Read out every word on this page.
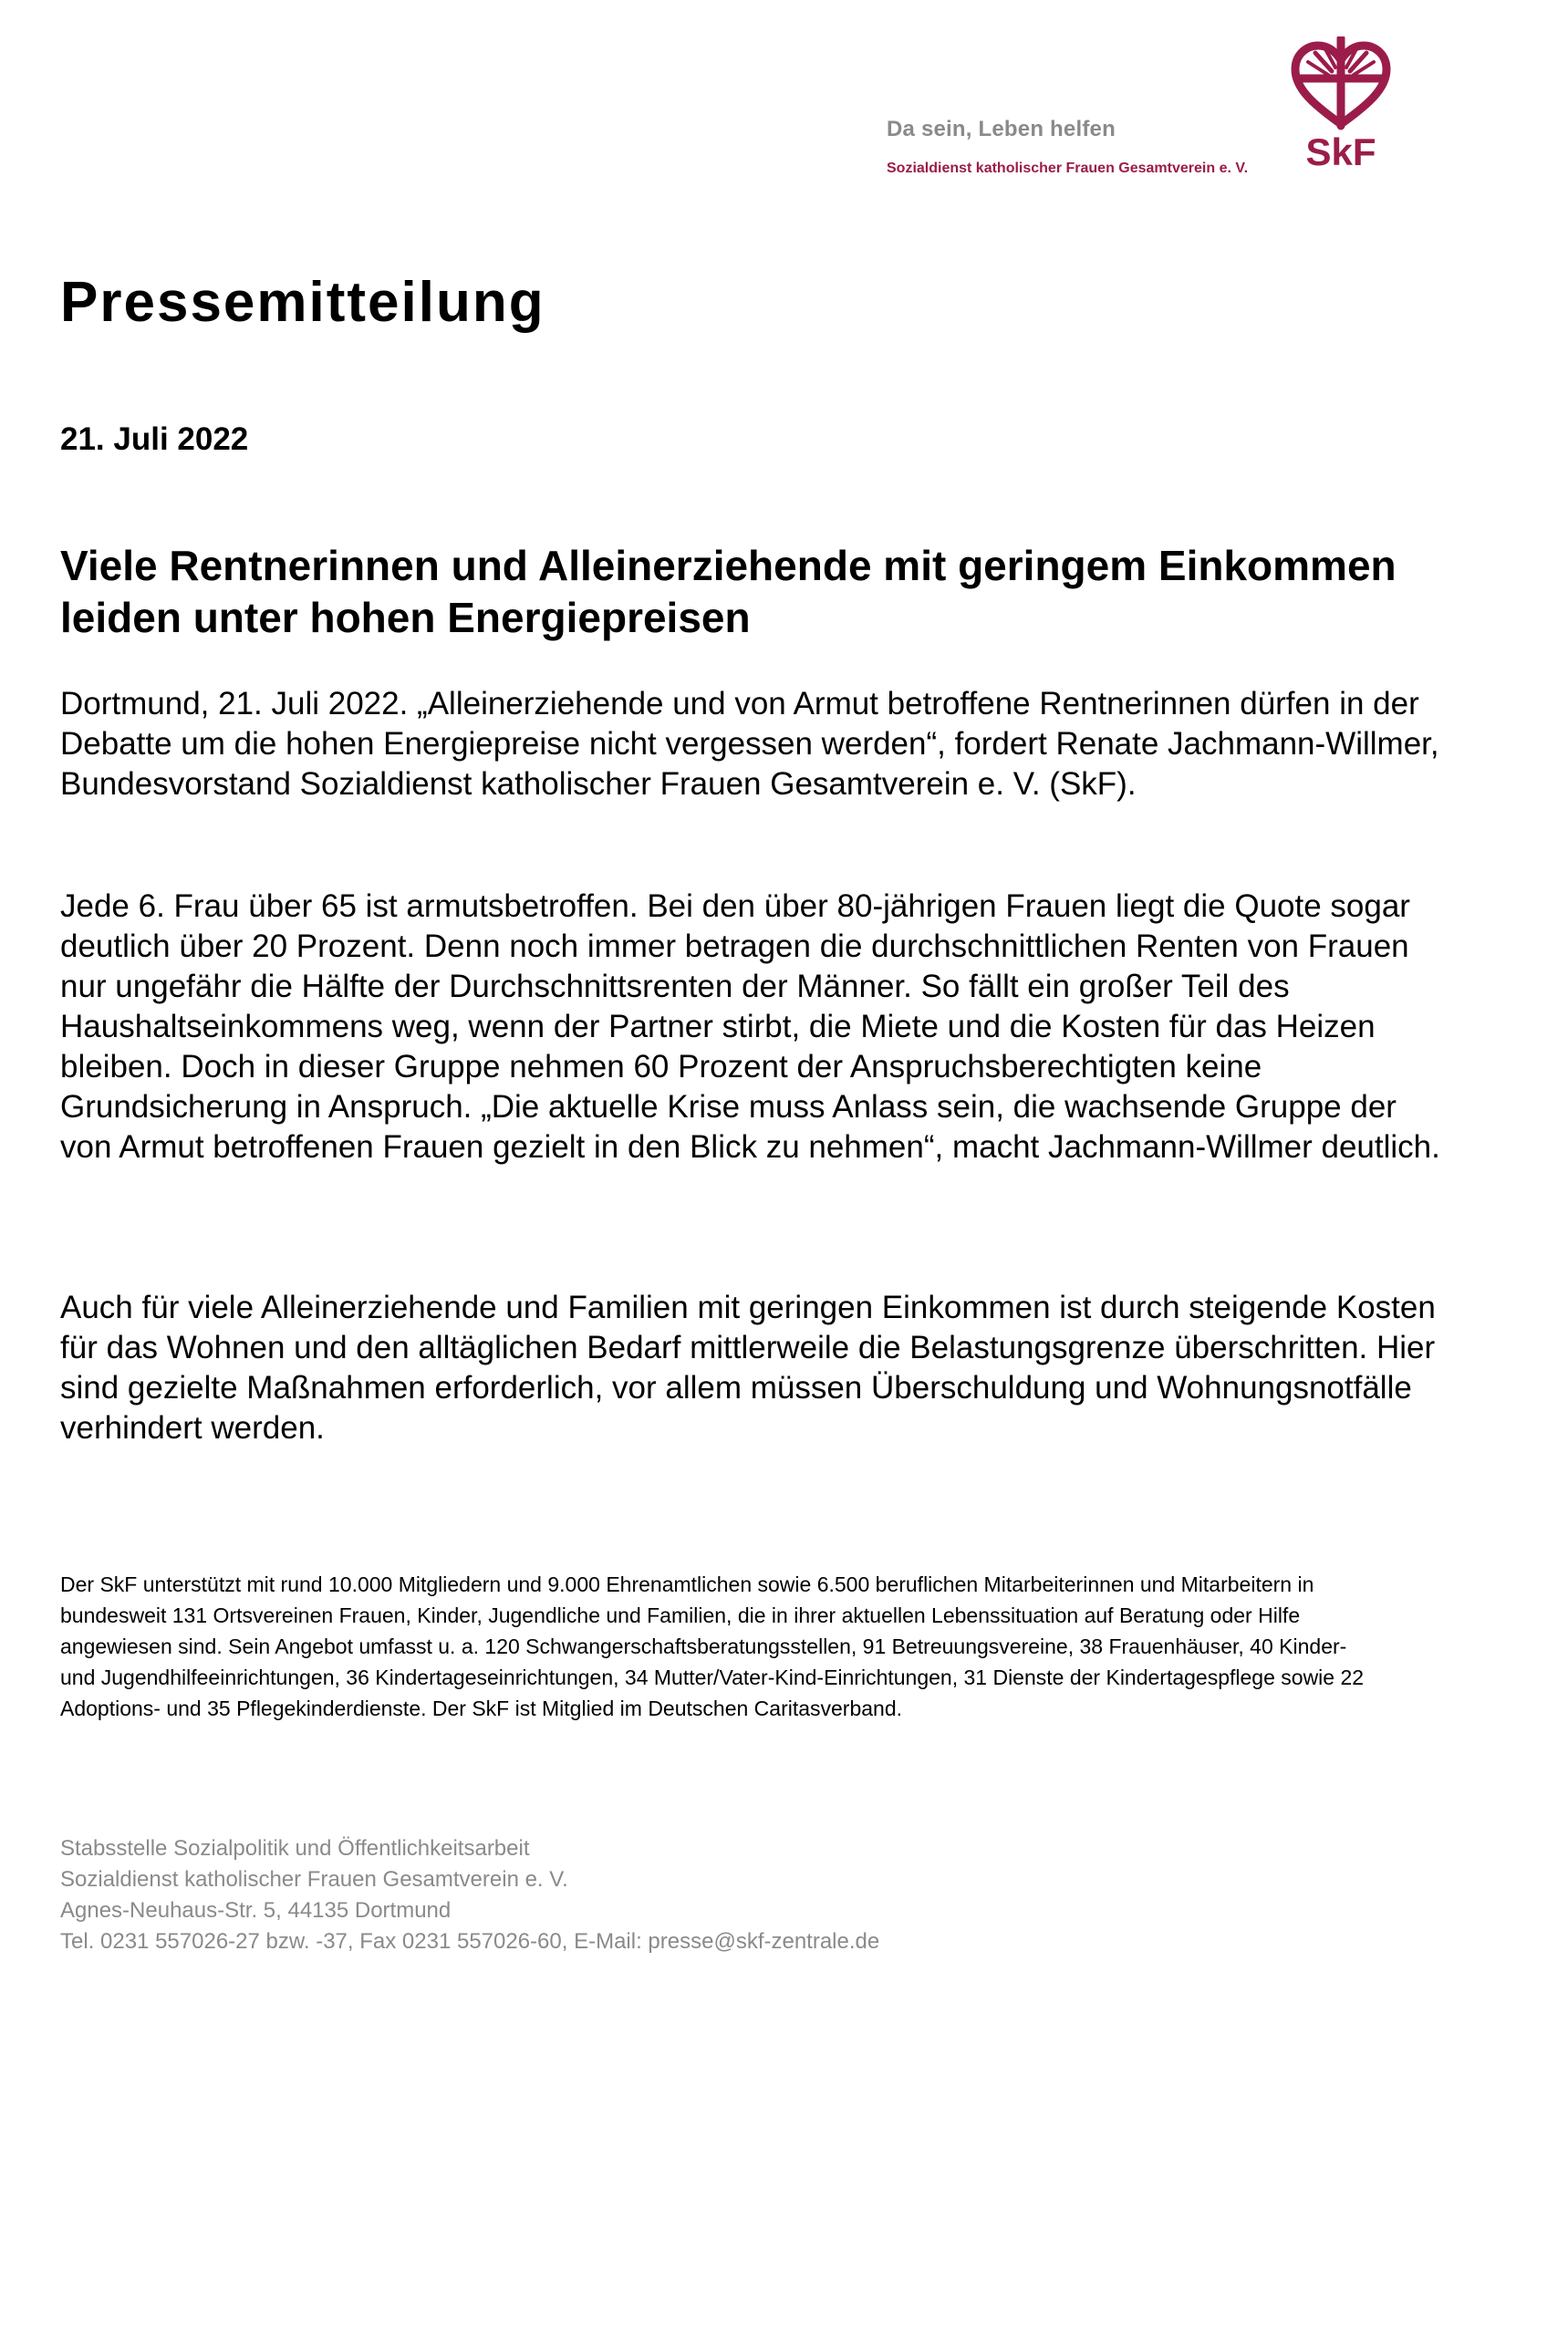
Da sein, Leben helfen
Sozialdienst katholischer Frauen Gesamtverein e. V.	SkF
Pressemitteilung
21. Juli 2022
Viele Rentnerinnen und Alleinerziehende mit geringem Einkommen leiden unter hohen Energiepreisen

Dortmund, 21. Juli 2022. „Alleinerziehende und von Armut betroffene Rentnerinnen dürfen in der Debatte um die hohen Energiepreise nicht vergessen werden“, fordert Renate Jachmann-Willmer, Bundesvorstand Sozialdienst katholischer Frauen Gesamtverein e. V. (SkF).

Jede 6. Frau über 65 ist armutsbetroffen. Bei den über 80-jährigen Frauen liegt die Quote sogar deutlich über 20 Prozent. Denn noch immer betragen die durchschnittlichen Renten von Frauen nur ungefähr die Hälfte der Durchschnittsrenten der Männer. So fällt ein großer Teil des Haushaltseinkommens weg, wenn der Partner stirbt, die Miete und die Kosten für das Heizen bleiben. Doch in dieser Gruppe nehmen 60 Prozent der Anspruchsberechtigten keine Grundsicherung in Anspruch. „Die aktuelle Krise muss Anlass sein, die wachsende Gruppe der von Armut betroffenen Frauen gezielt in den Blick zu nehmen“, macht Jachmann-Willmer deutlich.

Auch für viele Alleinerziehende und Familien mit geringen Einkommen ist durch steigende Kosten für das Wohnen und den alltäglichen Bedarf mittlerweile die Belastungsgrenze überschritten. Hier sind gezielte Maßnahmen erforderlich, vor allem müssen Überschuldung und Wohnungsnotfälle verhindert werden.

Der SkF unterstützt mit rund 10.000 Mitgliedern und 9.000 Ehrenamtlichen sowie 6.500 beruflichen Mitarbeiterinnen und Mitarbeitern in bundesweit 131 Ortsvereinen Frauen, Kinder, Jugendliche und Familien, die in ihrer aktuellen Lebenssituation auf Beratung oder Hilfe angewiesen sind. Sein Angebot umfasst u. a. 120 Schwangerschaftsberatungsstellen, 91 Betreuungsvereine, 38 Frauenhäuser, 40 Kinder- und Jugendhilfeeinrichtungen, 36 Kindertageseinrichtungen, 34 Mutter/Vater-Kind-Einrichtungen, 31 Dienste der Kindertagespflege sowie 22 Adoptions- und 35 Pflegekinderdienste. Der SkF ist Mitglied im Deutschen Caritasverband.

Stabsstelle Sozialpolitik und Öffentlichkeitsarbeit
Sozialdienst katholischer Frauen Gesamtverein e. V.
Agnes-Neuhaus-Str. 5, 44135 Dortmund
Tel. 0231 557026-27 bzw. -37, Fax 0231 557026-60, E-Mail: presse@skf-zentrale.de
